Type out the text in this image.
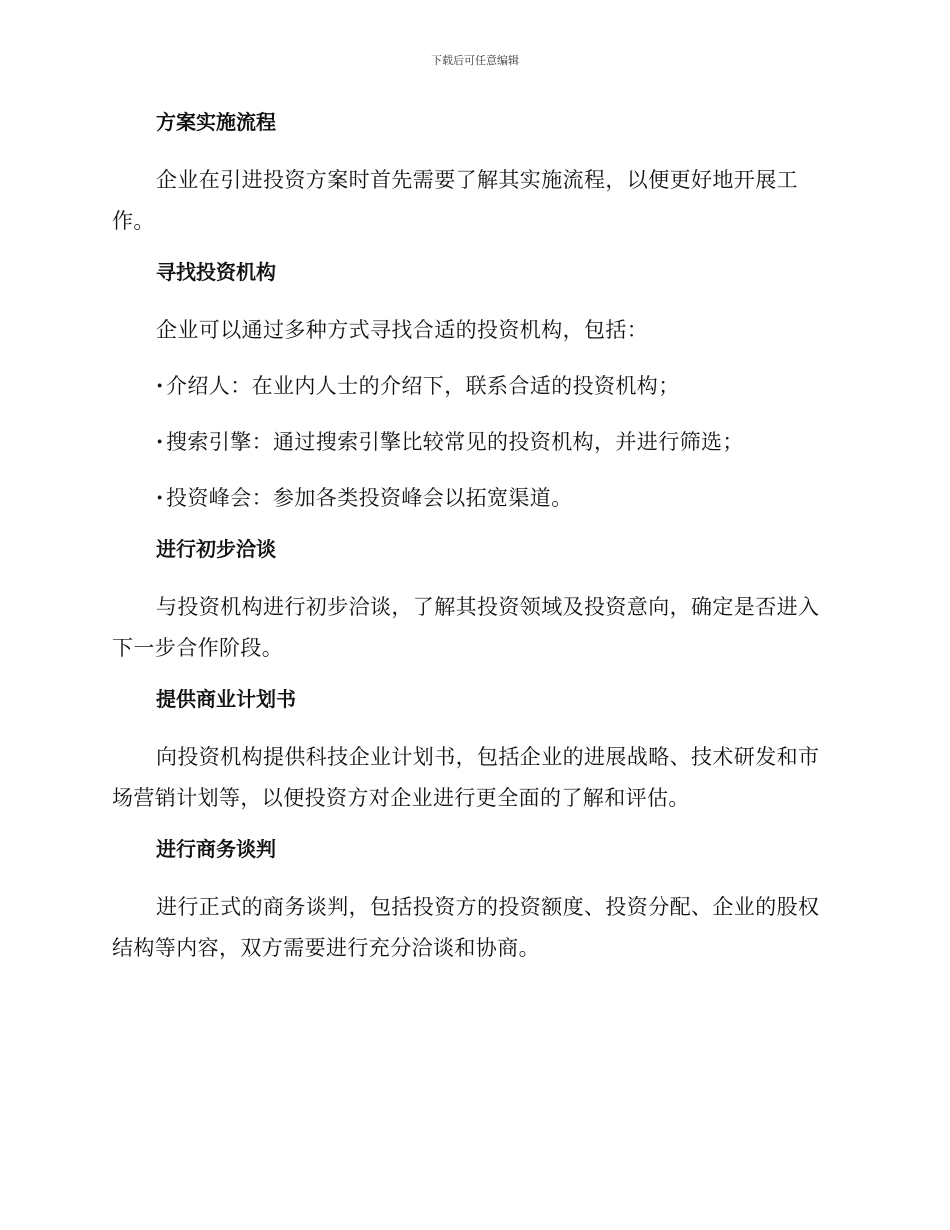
下载后可任意编辑
方案实施流程

企业在引进投资方案时首先需要了解其实施流程，以便更好地开展工作。

寻找投资机构

企业可以通过多种方式寻找合适的投资机构，包括：

· 介绍人：在业内人士的介绍下，联系合适的投资机构；

· 搜索引擎：通过搜索引擎比较常见的投资机构，并进行筛选；

· 投资峰会：参加各类投资峰会以拓宽渠道。

进行初步洽谈

与投资机构进行初步洽谈，了解其投资领域及投资意向，确定是否进入下一步合作阶段。

提供商业计划书

向投资机构提供科技企业计划书，包括企业的进展战略、技术研发和市场营销计划等，以便投资方对企业进行更全面的了解和评估。

进行商务谈判

进行正式的商务谈判，包括投资方的投资额度、投资分配、企业的股权结构等内容，双方需要进行充分洽谈和协商。
